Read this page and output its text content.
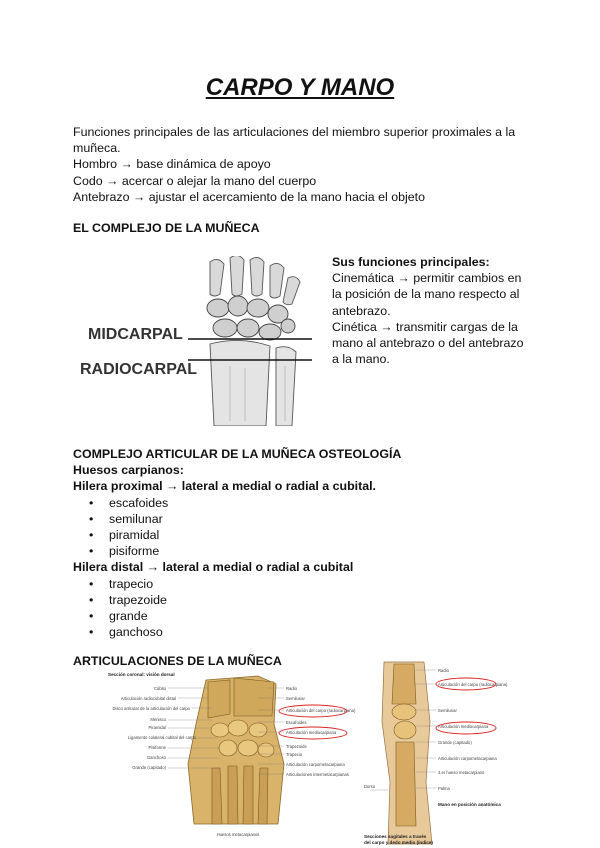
CARPO Y MANO

Funciones principales de las articulaciones del miembro superior proximales a la muñeca.

Hombro → base dinámica de apoyo

Codo → acercar o alejar la mano del cuerpo

Antebrazo → ajustar el acercamiento de la mano hacia el objeto

EL COMPLEJO DE LA MUÑECA
MIDCARPAL
RADIOCARPAL

Sus funciones principales:

Cinemática → permitir cambios en la posición de la mano respecto al antebrazo.

Cinética → transmitir cargas de la mano al antebrazo o del antebrazo a la mano.

COMPLEJO ARTICULAR DE LA MUÑECA OSTEOLOGÍA

Huesos carpianos:

Hilera proximal → lateral a medial o radial a cubital.

• escafoides
• semilunar
• piramidal
• pisiforme

Hilera distal → lateral a medial o radial a cubital

• trapecio
• trapezoide
• grande
• ganchoso
ARTICULACIONES DE LA MUÑECA
Sección coronal: visión dorsal
Cúbito
Articulación radiocubital distal
Disco articular de la articulación del carpo
Menisco
Piramidal
Ligamento colateral cubital del carpo
Pisiforme
Ganchoso
Grande (capitado)
Radio
Semilunar
Articulación del carpo (radiocarpiana)
Escafoides
Articulación mediocarpiana
Trapezoide
Trapecio
Articulación carpometacarpiana
Articulaciones intermetacarpianas
Huesos metacarpianos
Radio
Articulación del carpo (radiocarpiana)
Semilunar
Articulación mediocarpiana
Grande (capitado)
Articulación carpometacarpiana
3.er hueso metacarpiano
Palma
Mano en posición anatómica
Dorso
Secciones sagitales a través
del carpo y dedo medio (índice)
